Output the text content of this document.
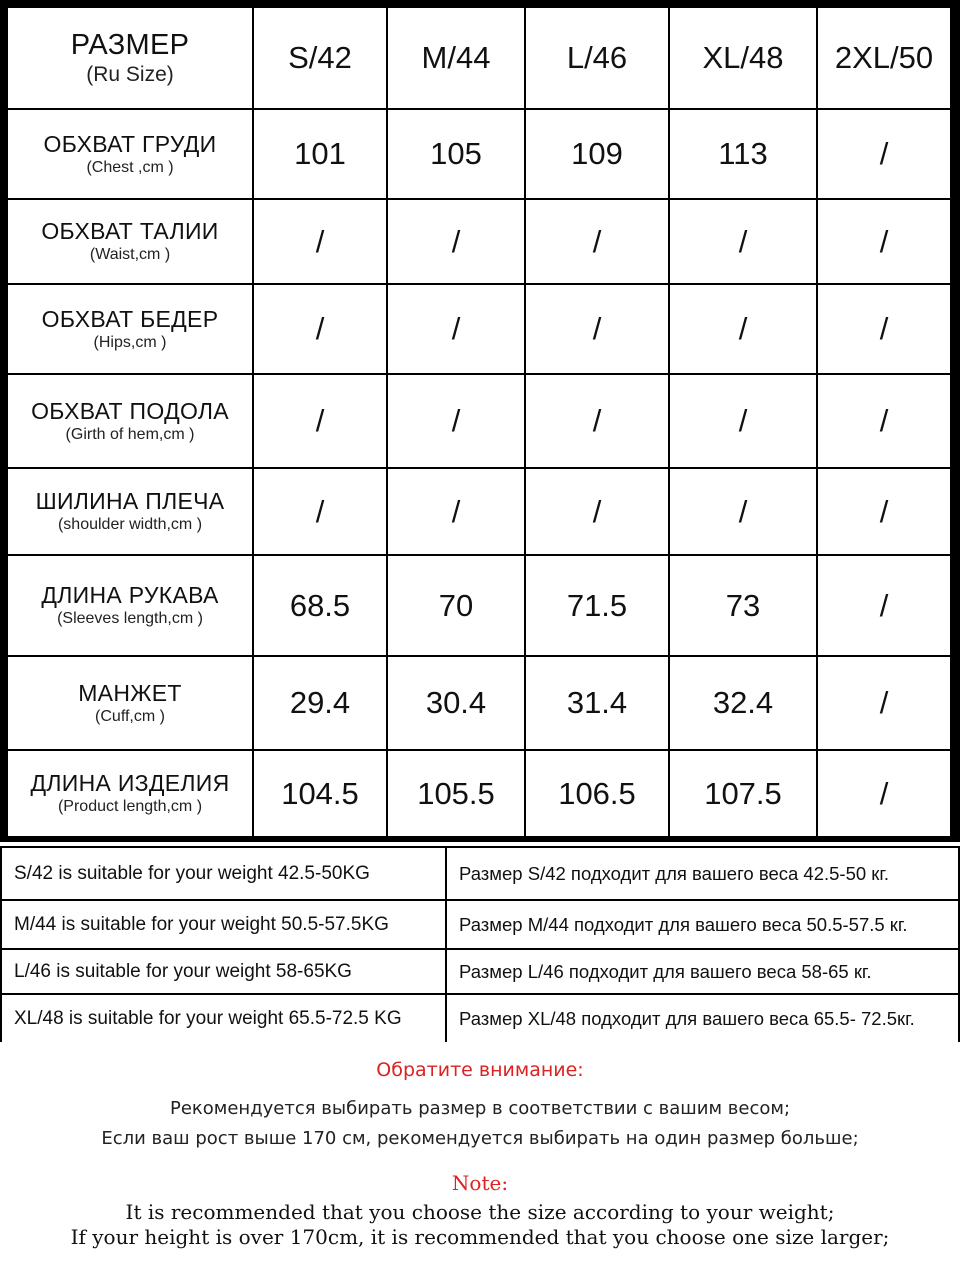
РАЗМЕР
(Ru Size)	S/42	M/44	L/46	XL/48	2XL/50
ОБХВАТ ГРУДИ
(Chest ,cm )	101	105	109	113	/
ОБХВАТ ТАЛИИ
(Waist,cm )	/	/	/	/	/
ОБХВАТ БЕДЕР
(Hips,cm )	/	/	/	/	/
ОБХВАТ ПОДОЛА
(Girth of hem,cm )	/	/	/	/	/
ШИЛИНА ПЛЕЧА
(shoulder width,cm )	/	/	/	/	/
ДЛИНА РУКАВА
(Sleeves length,cm )	68.5	70	71.5	73	/
МАНЖЕТ
(Cuff,cm )	29.4	30.4	31.4	32.4	/
ДЛИНА ИЗДЕЛИЯ
(Product length,cm )	104.5	105.5	106.5	107.5	/
S/42 is suitable for your weight 42.5-50KG	Размер S/42 подходит для вашего веса 42.5-50 кг.
M/44 is suitable for your weight 50.5-57.5KG	Размер M/44 подходит для вашего веса 50.5-57.5 кг.
L/46 is suitable for your weight 58-65KG	Размер L/46 подходит для вашего веса 58-65 кг.
XL/48 is suitable for your weight 65.5-72.5 KG	Размер XL/48 подходит для вашего веса 65.5- 72.5кг.
Обратите внимание:
Рекомендуется выбирать размер в соответствии с вашим весом;
Если ваш рост выше 170 см, рекомендуется выбирать на один размер больше;
Note:
It is recommended that you choose the size according to your weight;
If your height is over 170cm, it is recommended that you choose one size larger;
